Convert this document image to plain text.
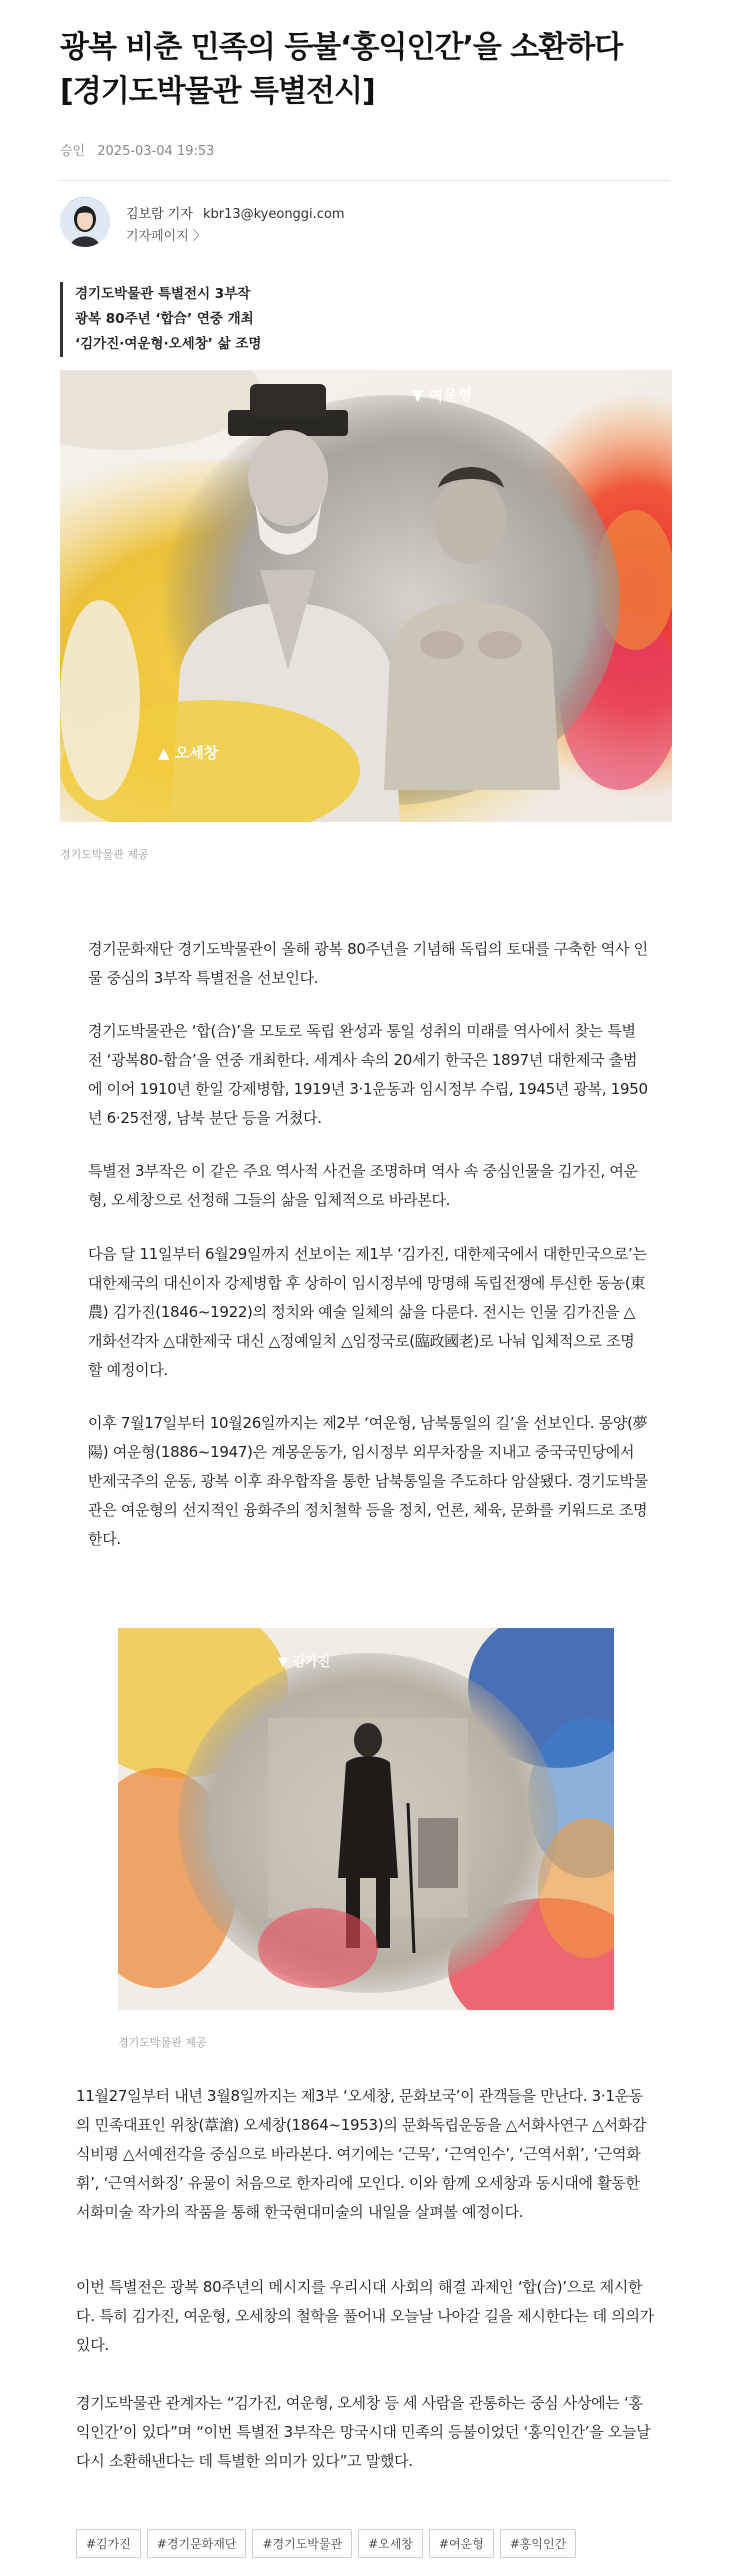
광복 비춘 민족의 등불‘홍익인간’을 소환하다
[경기도박물관 특별전시]
승인 2025-03-04 19:53
김보람 기자 kbr13@kyeonggi.com
기자페이지 〉
경기도박물관 특별전시 3부작
광복 80주년 ‘합合’ 연중 개최
‘김가진·여운형·오세창’ 삶 조명
▼ 여운형
▲ 오세창
경기도박물관 제공

경기문화재단 경기도박물관이 올해 광복 80주년을 기념해 독립의 토대를 구축한 역사 인물 중심의 3부작 특별전을 선보인다.

경기도박물관은 ‘합(合)’을 모토로 독립 완성과 통일 성취의 미래를 역사에서 찾는 특별전 ‘광복80-합合’을 연중 개최한다. 세계사 속의 20세기 한국은 1897년 대한제국 출범에 이어 1910년 한일 강제병합, 1919년 3·1운동과 임시정부 수립, 1945년 광복, 1950년 6·25전쟁, 남북 분단 등을 거쳤다.

특별전 3부작은 이 같은 주요 역사적 사건을 조명하며 역사 속 중심인물을 김가진, 여운형, 오세창으로 선정해 그들의 삶을 입체적으로 바라본다.

다음 달 11일부터 6월29일까지 선보이는 제1부 ‘김가진, 대한제국에서 대한민국으로’는 대한제국의 대신이자 강제병합 후 상하이 임시정부에 망명해 독립전쟁에 투신한 동농(東農) 김가진(1846~1922)의 정치와 예술 일체의 삶을 다룬다. 전시는 인물 김가진을 △개화선각자 △대한제국 대신 △정예일치 △임정국로(臨政國老)로 나눠 입체적으로 조명할 예정이다.

이후 7월17일부터 10월26일까지는 제2부 ‘여운형, 남북통일의 길’을 선보인다. 몽양(夢陽) 여운형(1886~1947)은 계몽운동가, 임시정부 외무차장을 지내고 중국국민당에서 반제국주의 운동, 광복 이후 좌우합작을 통한 남북통일을 주도하다 암살됐다. 경기도박물관은 여운형의 선지적인 융화주의 정치철학 등을 정치, 언론, 체육, 문화를 키워드로 조명한다.

▼ 김가진
경기도박물관 제공

11월27일부터 내년 3월8일까지는 제3부 ‘오세창, 문화보국’이 관객들을 만난다. 3·1운동의 민족대표인 위창(葦滄) 오세창(1864~1953)의 문화독립운동을 △서화사연구 △서화감식비평 △서예전각을 중심으로 바라본다. 여기에는 ‘근묵’, ‘근역인수’, ‘근역서휘’, ‘근역화휘’, ‘근역서화징’ 유물이 처음으로 한자리에 모인다. 이와 함께 오세창과 동시대에 활동한 서화미술 작가의 작품을 통해 한국현대미술의 내일을 살펴볼 예정이다.

이번 특별전은 광복 80주년의 메시지를 우리시대 사회의 해결 과제인 ‘합(合)’으로 제시한다. 특히 김가진, 여운형, 오세창의 철학을 풀어내 오늘날 나아갈 길을 제시한다는 데 의의가 있다.

경기도박물관 관계자는 “김가진, 여운형, 오세창 등 세 사람을 관통하는 중심 사상에는 ‘홍익인간’이 있다”며 “이번 특별전 3부작은 망국시대 민족의 등불이었던 ‘홍익인간’을 오늘날 다시 소환해낸다는 데 특별한 의미가 있다”고 말했다.

#김가진	#경기문화재단	#경기도박물관	#오세창	#여운형	#홍익인간
